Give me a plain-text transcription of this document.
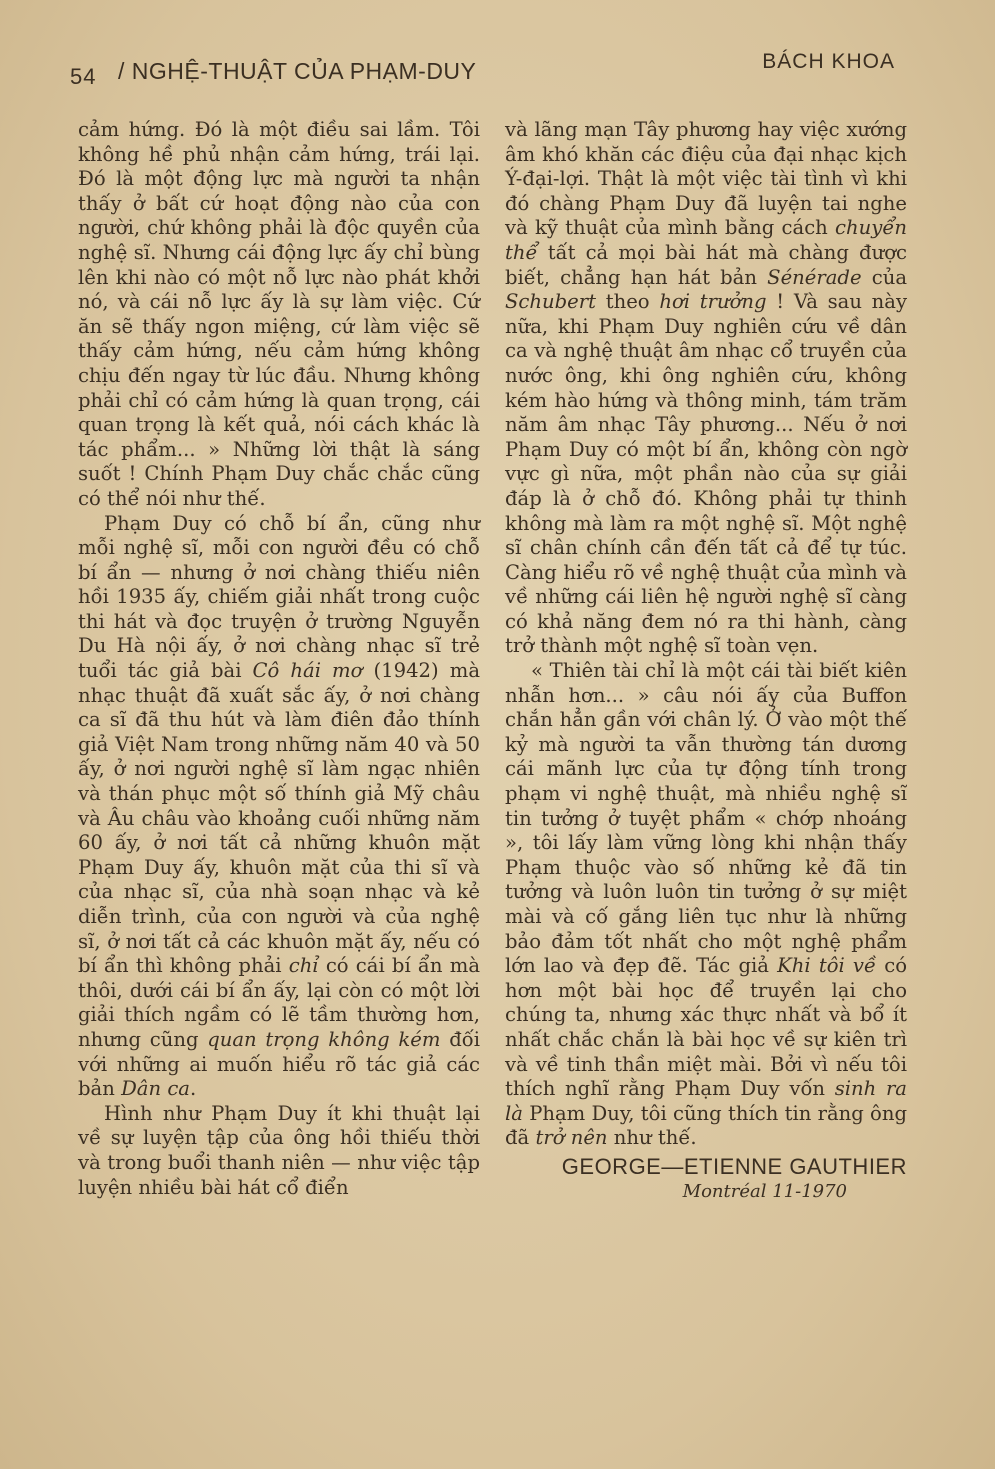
54 / NGHỆ-THUẬT CỦA PHẠM-DUY	BÁCH KHOA

cảm hứng. Đó là một điều sai lầm. Tôi không hề phủ nhận cảm hứng, trái lại. Đó là một động lực mà người ta nhận thấy ở bất cứ hoạt động nào của con người, chứ không phải là độc quyền của nghệ sĩ. Nhưng cái động lực ấy chỉ bùng lên khi nào có một nỗ lực nào phát khởi nó, và cái nỗ lực ấy là sự làm việc. Cứ ăn sẽ thấy ngon miệng, cứ làm việc sẽ thấy cảm hứng, nếu cảm hứng không chịu đến ngay từ lúc đầu. Nhưng không phải chỉ có cảm hứng là quan trọng, cái quan trọng là kết quả, nói cách khác là tác phẩm... » Những lời thật là sáng suốt ! Chính Phạm Duy chắc chắc cũng có thể nói như thế.

Phạm Duy có chỗ bí ẩn, cũng như mỗi nghệ sĩ, mỗi con người đều có chỗ bí ẩn — nhưng ở nơi chàng thiếu niên hồi 1935 ấy, chiếm giải nhất trong cuộc thi hát và đọc truyện ở trường Nguyễn Du Hà nội ấy, ở nơi chàng nhạc sĩ trẻ tuổi tác giả bài Cô hái mơ (1942) mà nhạc thuật đã xuất sắc ấy, ở nơi chàng ca sĩ đã thu hút và làm điên đảo thính giả Việt Nam trong những năm 40 và 50 ấy, ở nơi người nghệ sĩ làm ngạc nhiên và thán phục một số thính giả Mỹ châu và Âu châu vào khoảng cuối những năm 60 ấy, ở nơi tất cả những khuôn mặt Phạm Duy ấy, khuôn mặt của thi sĩ và của nhạc sĩ, của nhà soạn nhạc và kẻ diễn trình, của con người và của nghệ sĩ, ở nơi tất cả các khuôn mặt ấy, nếu có bí ẩn thì không phải chỉ có cái bí ẩn mà thôi, dưới cái bí ẩn ấy, lại còn có một lời giải thích ngầm có lẽ tầm thường hơn, nhưng cũng quan trọng không kém đối với những ai muốn hiểu rõ tác giả các bản Dân ca.

Hình như Phạm Duy ít khi thuật lại về sự luyện tập của ông hồi thiếu thời và trong buổi thanh niên — như việc tập luyện nhiều bài hát cổ điển

và lãng mạn Tây phương hay việc xướng âm khó khăn các điệu của đại nhạc kịch Ý-đại-lợi. Thật là một việc tài tình vì khi đó chàng Phạm Duy đã luyện tai nghe và kỹ thuật của mình bằng cách chuyển thể tất cả mọi bài hát mà chàng được biết, chẳng hạn hát bản Sénérade của Schubert theo hơi trưởng ! Và sau này nữa, khi Phạm Duy nghiên cứu về dân ca và nghệ thuật âm nhạc cổ truyền của nước ông, khi ông nghiên cứu, không kém hào hứng và thông minh, tám trăm năm âm nhạc Tây phương... Nếu ở nơi Phạm Duy có một bí ẩn, không còn ngờ vực gì nữa, một phần nào của sự giải đáp là ở chỗ đó. Không phải tự thinh không mà làm ra một nghệ sĩ. Một nghệ sĩ chân chính cần đến tất cả để tự túc. Càng hiểu rõ về nghệ thuật của mình và về những cái liên hệ người nghệ sĩ càng có khả năng đem nó ra thi hành, càng trở thành một nghệ sĩ toàn vẹn.

« Thiên tài chỉ là một cái tài biết kiên nhẫn hơn... » câu nói ấy của Buffon chắn hẳn gần với chân lý. Ở vào một thế kỷ mà người ta vẫn thường tán dương cái mãnh lực của tự động tính trong phạm vi nghệ thuật, mà nhiều nghệ sĩ tin tưởng ở tuyệt phẩm « chớp nhoáng », tôi lấy làm vững lòng khi nhận thấy Phạm thuộc vào số những kẻ đã tin tưởng và luôn luôn tin tưởng ở sự miệt mài và cố gắng liên tục như là những bảo đảm tốt nhất cho một nghệ phẩm lớn lao và đẹp đẽ. Tác giả Khi tôi về có hơn một bài học để truyền lại cho chúng ta, nhưng xác thực nhất và bổ ít nhất chắc chắn là bài học về sự kiên trì và về tinh thần miệt mài. Bởi vì nếu tôi thích nghĩ rằng Phạm Duy vốn sinh ra là Phạm Duy, tôi cũng thích tin rằng ông đã trở nên như thế.

GEORGE—ETIENNE GAUTHIER
Montréal 11-1970
